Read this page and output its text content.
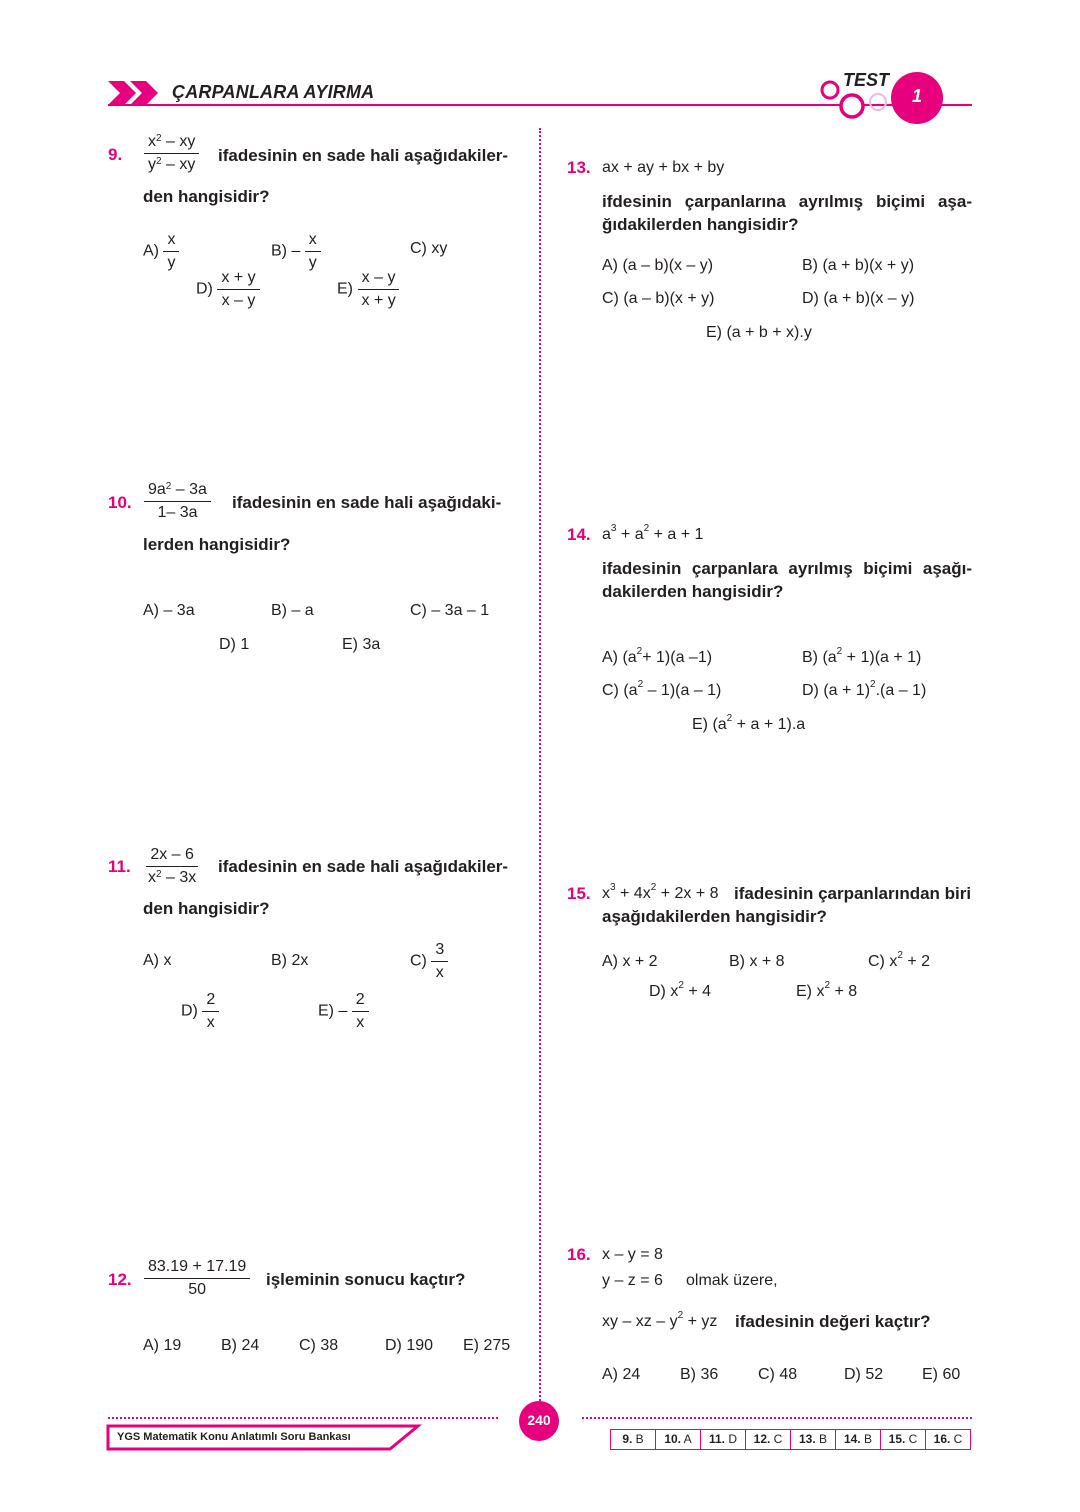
ÇARPANLARA AYIRMA
TEST
1
9. $\frac{x^2 - xy}{y^2 - xy}$ ifadesinin en sade hali aşağıdakiler-
den hangisidir?
$A) \frac{x}{y}$	$B) - \frac{x}{y}$	C) xy
$D) \frac{x + y}{x - y}$	$E) \frac{x - y}{x + y}$
10. $\frac{9a^2 - 3a}{1- 3a}$ ifadesinin en sade hali aşağıdaki-
lerden hangisidir?
A) – 3a	B) – a	C) – 3a – 1
D) 1	E) 3a
11. $\frac{2x - 6}{x^2 - 3x}$ ifadesinin en sade hali aşağıdakiler-
den hangisidir?
A) x	B) 2x	$C) \frac{3}{x}$
$D) \frac{2}{x}$	$E) - \frac{2}{x}$
12. $\frac{83.19 + 17.19}{50}$ işleminin sonucu kaçtır?
A) 19 B) 24 C) 38	D) 190 E) 275
13. ax + ay + bx + by
ifdesinin çarpanlarına ayrılmış biçimi aşa-
ğıdakilerden hangisidir?
A) (a – b)(x – y)	B) (a + b)(x + y)
C) (a – b)(x + y)	D) (a + b)(x – y)
E) (a + b + x).y
14. $a^3 + a^2 + a + 1$
ifadesinin çarpanlara ayrılmış biçimi aşağı-
dakilerden hangisidir?
A) $(a^2+ 1)(a$ –1)	B) $(a^2 + 1)(a + 1)$
C) $(a^2 - 1)(a - 1)$	D) $(a + 1)^2.(a - 1)$
E) $(a^2 + a + 1).a$
15. $x^3 + 4x^2 + 2x + 8$ ifadesinin çarpanlarından biri
aşağıdakilerden hangisidir?
A) x + 2	B) x + 8	C) $x^2 + 2$
D) $x^2 + 4$	E) $x^2 + 8$
16. x – y = 8
y – z = 6 olmak üzere,
xy – xz – $y^2$ + yz ifadesinin değeri kaçtır?
A) 24 B) 36 C) 48	D) 52 E) 60
YGS Matematik Konu Anlatımlı Soru Bankası
240
9. B	10. A	11. D	12. C	13. B	14. B	15. C	16. C
